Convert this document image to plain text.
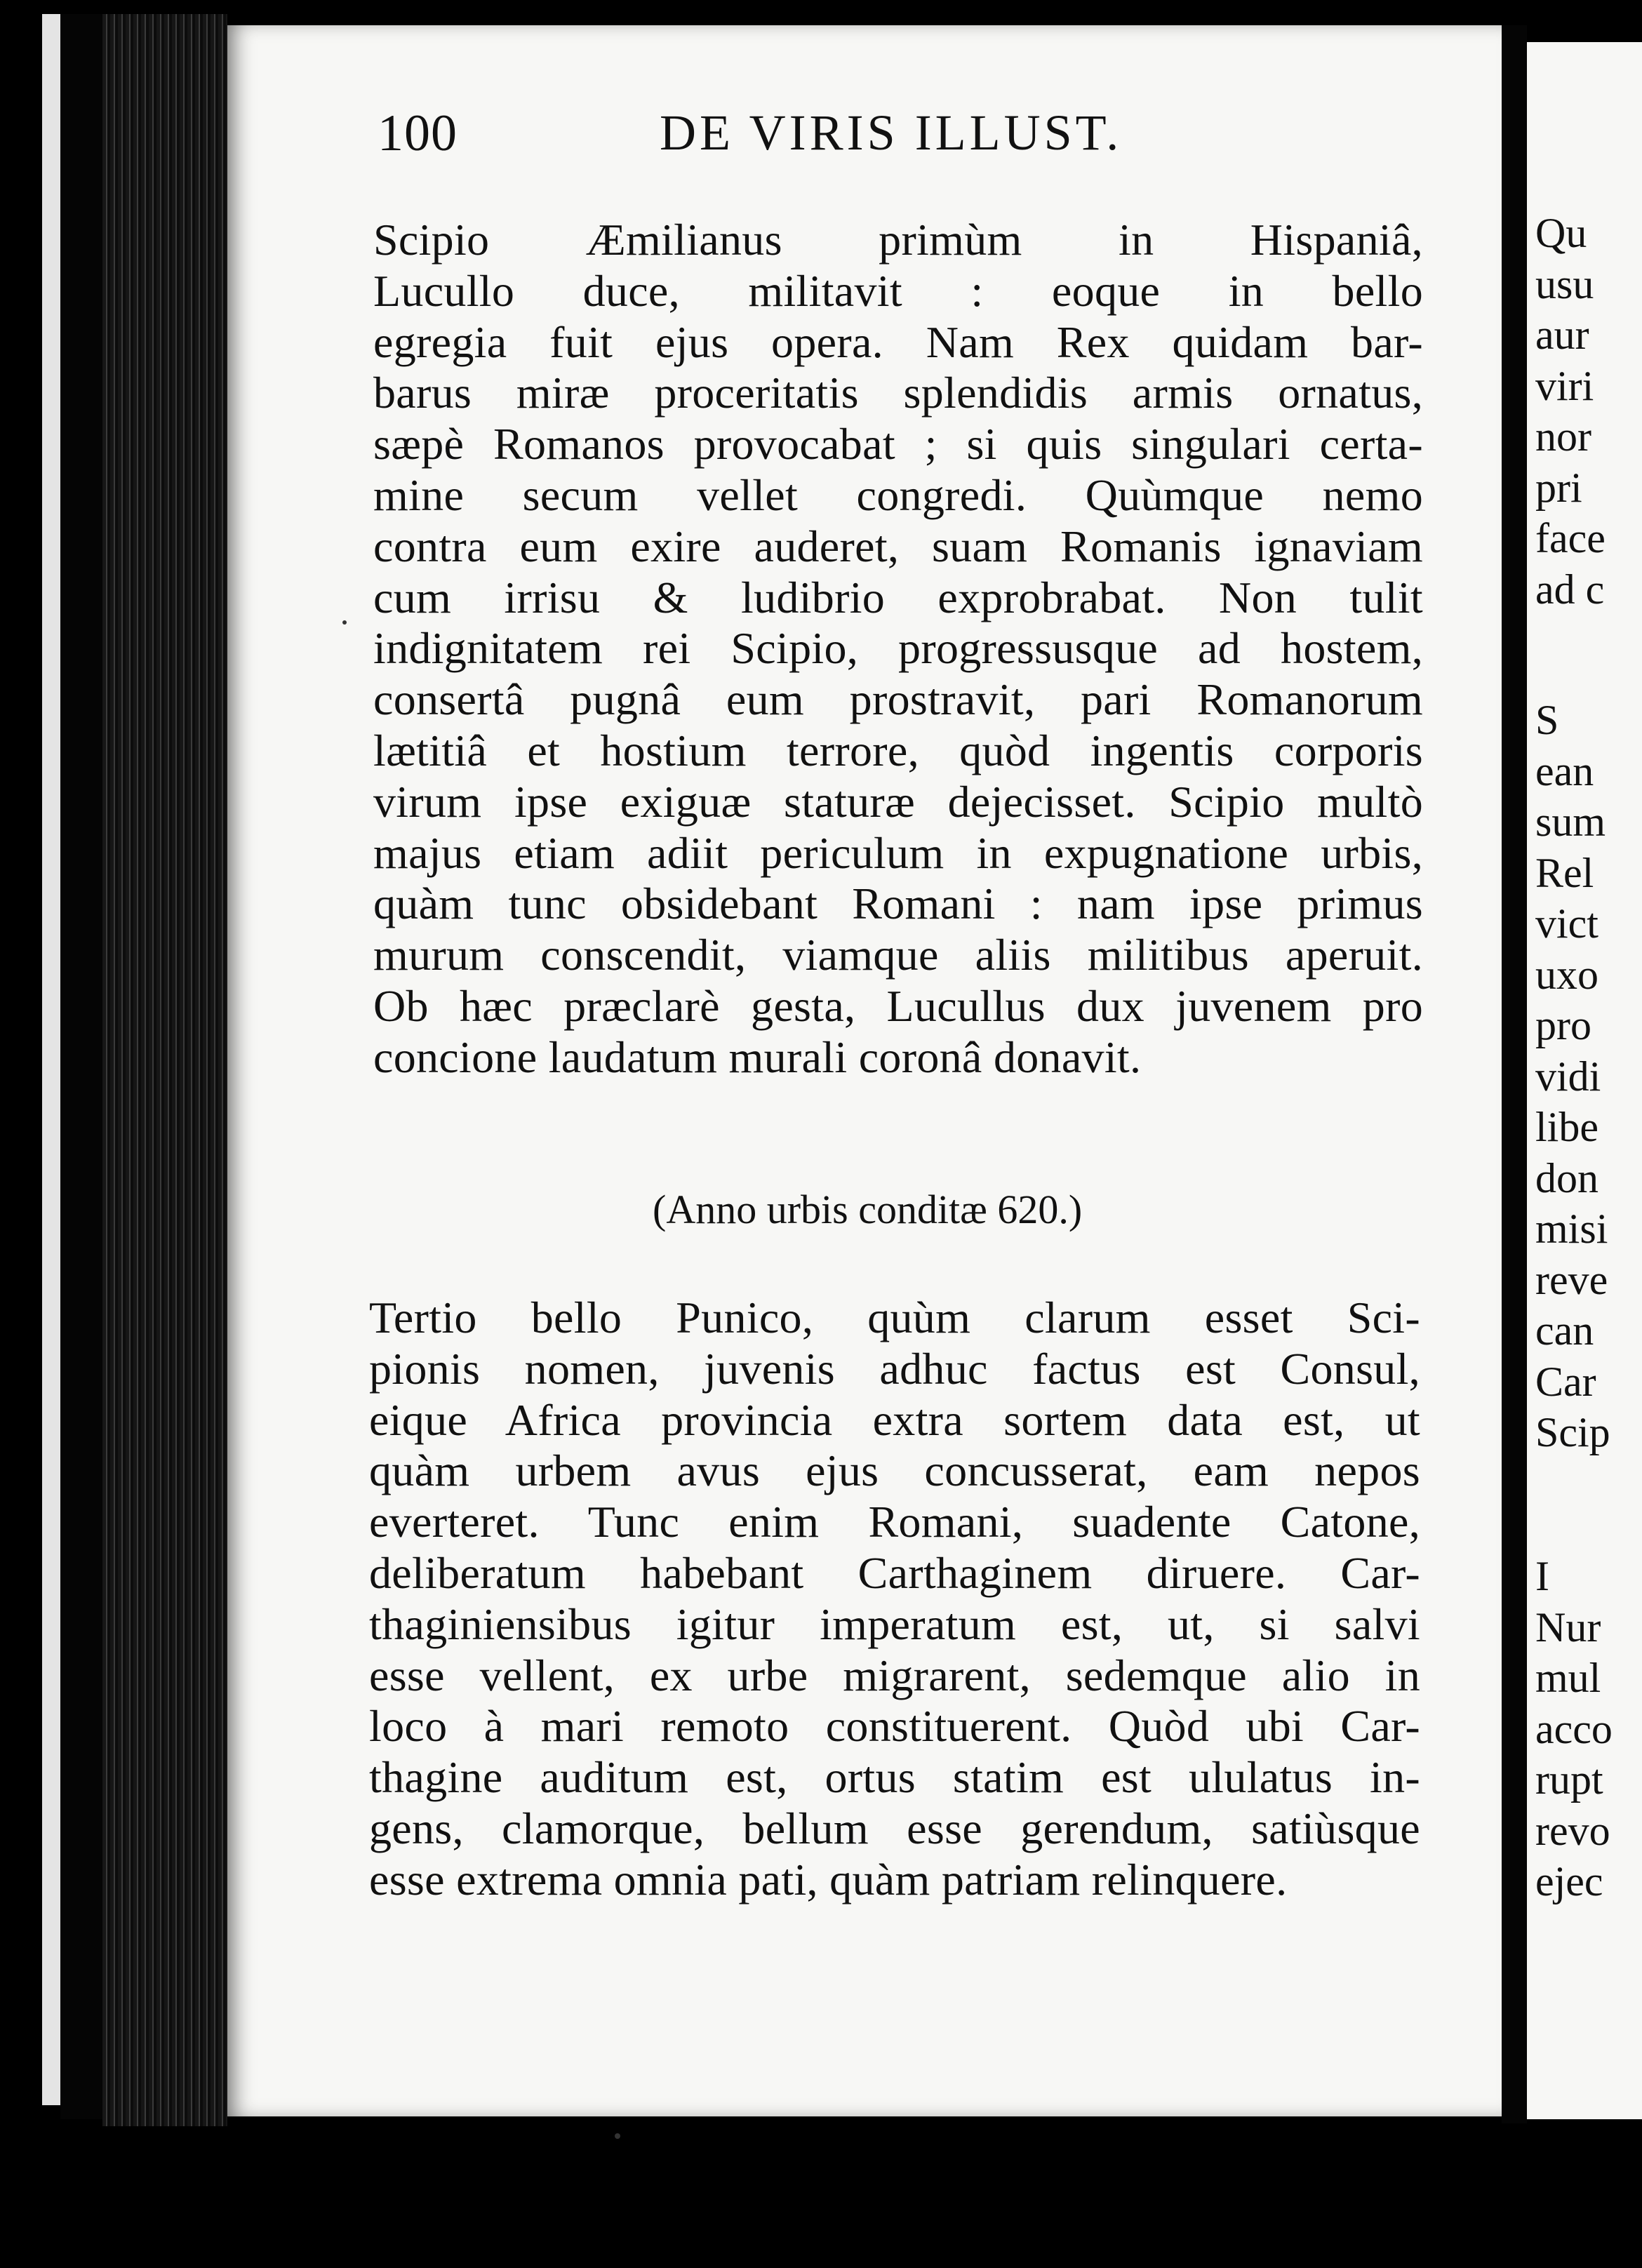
100	DE VIRIS ILLUST.
Scipio Æmilianus primùm in Hispaniâ,
Lucullo duce, militavit : eoque in bello
egregia fuit ejus opera. Nam Rex quidam bar-
barus miræ proceritatis splendidis armis ornatus,
sæpè Romanos provocabat ; si quis singulari certa-
mine secum vellet congredi. Quùmque nemo
contra eum exire auderet, suam Romanis ignaviam
cum irrisu & ludibrio exprobrabat. Non tulit
indignitatem rei Scipio, progressusque ad hostem,
consertâ pugnâ eum prostravit, pari Romanorum
lætitiâ et hostium terrore, quòd ingentis corporis
virum ipse exiguæ staturæ dejecisset. Scipio multò
majus etiam adiit periculum in expugnatione urbis,
quàm tunc obsidebant Romani : nam ipse primus
murum conscendit, viamque aliis militibus aperuit.
Ob hæc præclarè gesta, Lucullus dux juvenem pro
concione laudatum murali coronâ donavit.
(Anno urbis conditæ 620.)
Tertio bello Punico, quùm clarum esset Sci-
pionis nomen, juvenis adhuc factus est Consul,
eique Africa provincia extra sortem data est, ut
quàm urbem avus ejus concusserat, eam nepos
everteret. Tunc enim Romani, suadente Catone,
deliberatum habebant Carthaginem diruere. Car-
thaginiensibus igitur imperatum est, ut, si salvi
esse vellent, ex urbe migrarent, sedemque alio in
loco à mari remoto constituerent. Quòd ubi Car-
thagine auditum est, ortus statim est ululatus in-
gens, clamorque, bellum esse gerendum, satiùsque
esse extrema omnia pati, quàm patriam relinquere.
Qu
usu
aur
viri
nor
pri
face
ad c
S
ean
sum
Rel
vict
uxo
pro
vidi
libe
don
misi
reve
can
Car
Scip
I
Nur
mul
acco
rupt
revo
ejec
